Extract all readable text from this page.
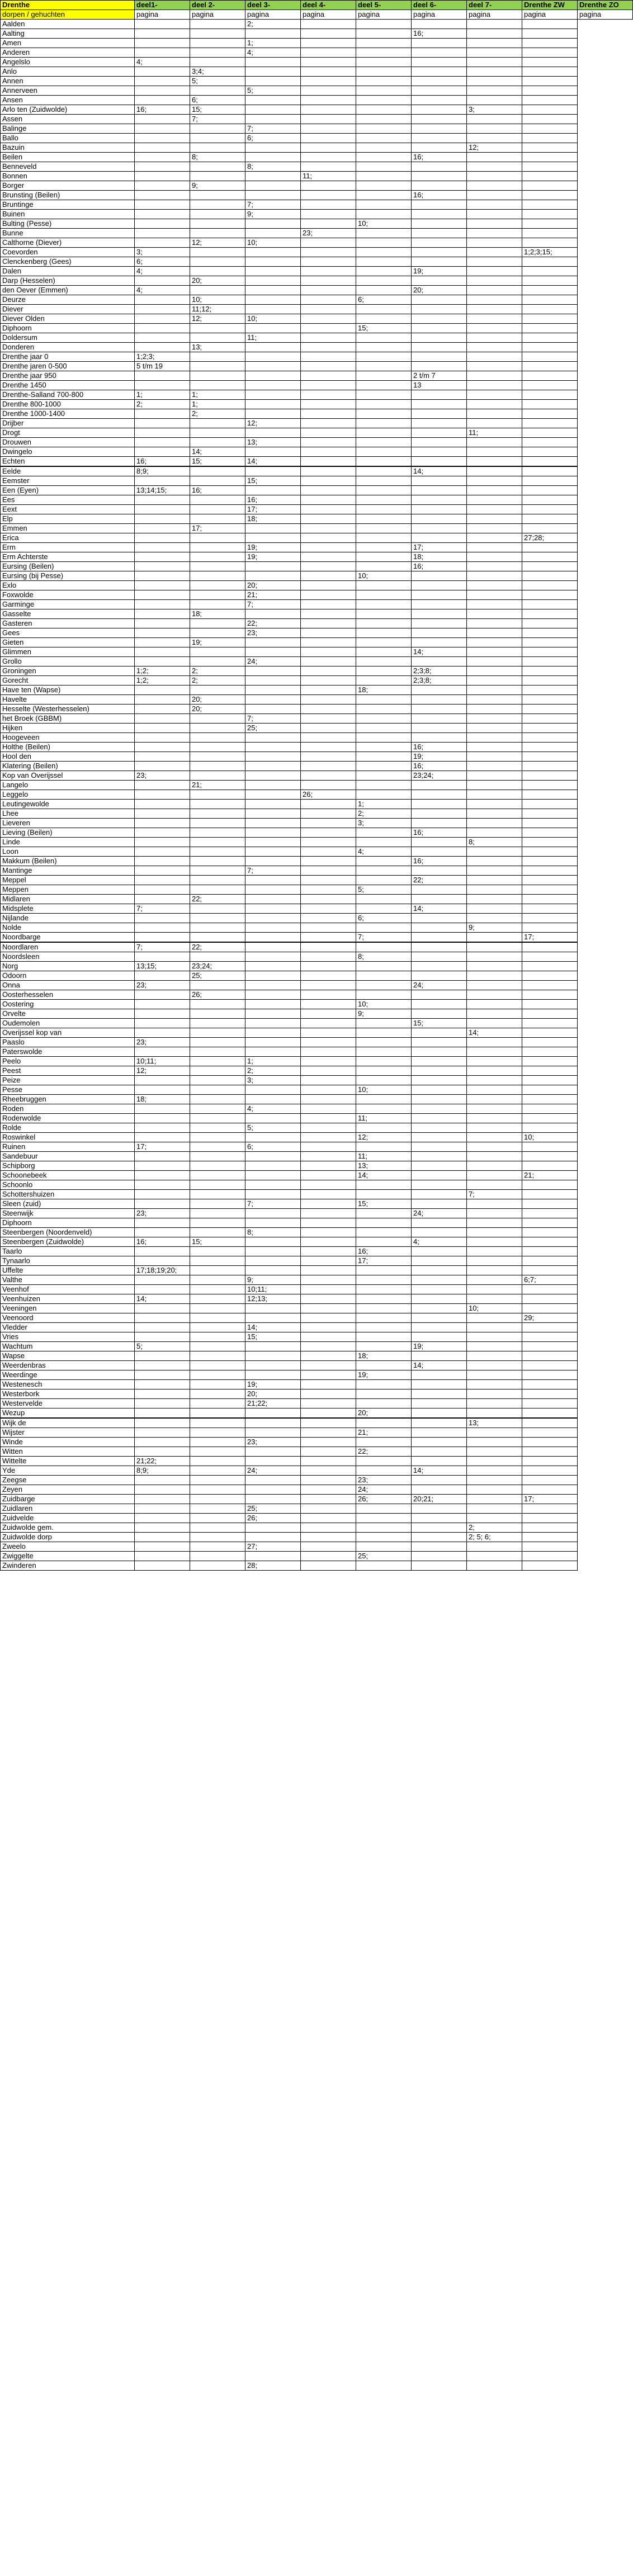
Drenthe	deel1-	deel 2-	deel 3-	deel 4-	deel 5-	deel 6-	deel 7-	Drenthe ZW	Drenthe ZO
dorpen / gehuchten	pagina	pagina	pagina	pagina	pagina	pagina	pagina	pagina	pagina
Aalden			2;						
Aalting						16;			
Amen			1;						
Anderen			4;						
Angelslo	4;								
Anlo		3;4;							
Annen		5;							
Annerveen			5;						
Ansen		6;							
Arlo ten (Zuidwolde)	16;	15;					3;		
Assen		7;							
Balinge			7;						
Ballo			6;						
Bazuin							12;		
Beilen		8;				16;			
Benneveld			8;						
Bonnen				11;					
Borger		9;							
Brunsting (Beilen)						16;			
Bruntinge			7;						
Buinen			9;						
Bulting (Pesse)					10;				
Bunne				23;					
Calthorne (Diever)		12;	10;						
Coevorden	3;							1;2;3;15;	
Clenckenberg (Gees)	6;								
Dalen	4;					19;			
Darp (Hesselen)		20;							
den Oever (Emmen)	4;					20;			
Deurze		10;			6;				
Diever		11;12;							
Diever Olden		12;	10;						
Diphoorn					15;				
Doldersum			11;						
Donderen		13;							
Drenthe jaar 0	1;2;3;								
Drenthe jaren 0-500	5 t/m 19								
Drenthe jaar 950						2 t/m 7			
Drenthe 1450						13			
Drenthe-Salland 700-800	1;	1;							
Drenthe 800-1000	2;	1;							
Drenthe 1000-1400		2;							
Drijber			12;						
Drogt							11;		
Drouwen			13;						
Dwingelo		14;							
Echten	16;	15;	14;						
Eelde	8;9;					14;			
Eemster			15;						
Een (Eyen)	13;14;15;	16;							
Ees			16;						
Eext			17;						
Elp			18;						
Emmen		17;							
Erica								27;28;	
Erm			19;			17;			
Erm Achterste			19;			18;			
Eursing (Beilen)						16;			
Eursing (bij Pesse)					10;				
Exlo			20;						
Foxwolde			21;						
Garminge			7;						
Gasselte		18;							
Gasteren			22;						
Gees			23;						
Gieten		19;							
Glimmen						14;			
Grollo			24;						
Groningen	1;2;	2;				2;3;8;			
Gorecht	1;2;	2;				2;3;8;			
Have ten (Wapse)					18;				
Havelte		20;							
Hesselte (Westerhesselen)		20;							
het Broek (GBBM)			7;						
Hijken			25;						
Hoogeveen									
Holthe (Beilen)						16;			
Hool den						19;			
Klatering (Beilen)						16;			
Kop van Overijssel	23;					23;24;			
Langelo		21;							
Leggelo				26;					
Leutingewolde					1;				
Lhee					2;				
Lieveren					3;				
Lieving (Beilen)						16;			
Linde							8;		
Loon					4;				
Makkum (Beilen)						16;			
Mantinge			7;						
Meppel						22;			
Meppen					5;				
Midlaren		22;							
Midsplete	7;					14;			
Nijlande					6;				
Nolde							9;		
Noordbarge					7;			17;	
Noordlaren	7;	22;							
Noordsleen					8;				
Norg	13;15;	23;24;							
Odoorn		25;							
Onna	23;					24;			
Oosterhesselen		26;							
Oostering					10;				
Orvelte					9;				
Oudemolen						15;			
Overijssel kop van							14;		
Paaslo	23;								
Paterswolde									
Peelo	10;11;		1;						
Peest	12;		2;						
Peize			3;						
Pesse					10;				
Rheebruggen	18;								
Roden			4;						
Roderwolde					11;				
Rolde			5;						
Roswinkel					12;			10;	
Ruinen	17;		6;						
Sandebuur					11;				
Schipborg					13;				
Schoonebeek					14;			21;	
Schoonlo									
Schottershuizen							7;		
Sleen (zuid)			7;		15;				
Steenwijk	23;					24;			
Diphoorn									
Steenbergen (Noordenveld)			8;						
Steenbergen (Zuidwolde)	16;	15;				4;			
Taarlo					16;				
Tynaarlo					17;				
Uffelte	17;18;19;20;								
Valthe			9;					6;7;	
Veenhof			10;11;						
Veenhuizen	14;		12;13;						
Veeningen							10;		
Veenoord								29;	
Vledder			14;						
Vries			15;						
Wachtum	5;					19;			
Wapse					18;				
Weerdenbras						14;			
Weerdinge					19;				
Westenesch			19;						
Westerbork			20;						
Westervelde			21;22;						
Wezup					20;				
Wijk de							13;		
Wijster					21;				
Winde			23;						
Witten					22;				
Wittelte	21;22;								
Yde	8;9;		24;			14;			
Zeegse					23;				
Zeyen					24;				
Zuidbarge					26;	20;21;		17;	
Zuidlaren			25;						
Zuidvelde			26;						
Zuidwolde gem.							2;		
Zuidwolde dorp							2; 5; 6;		
Zweelo			27;						
Zwiggelte					25;				
Zwinderen			28;						
